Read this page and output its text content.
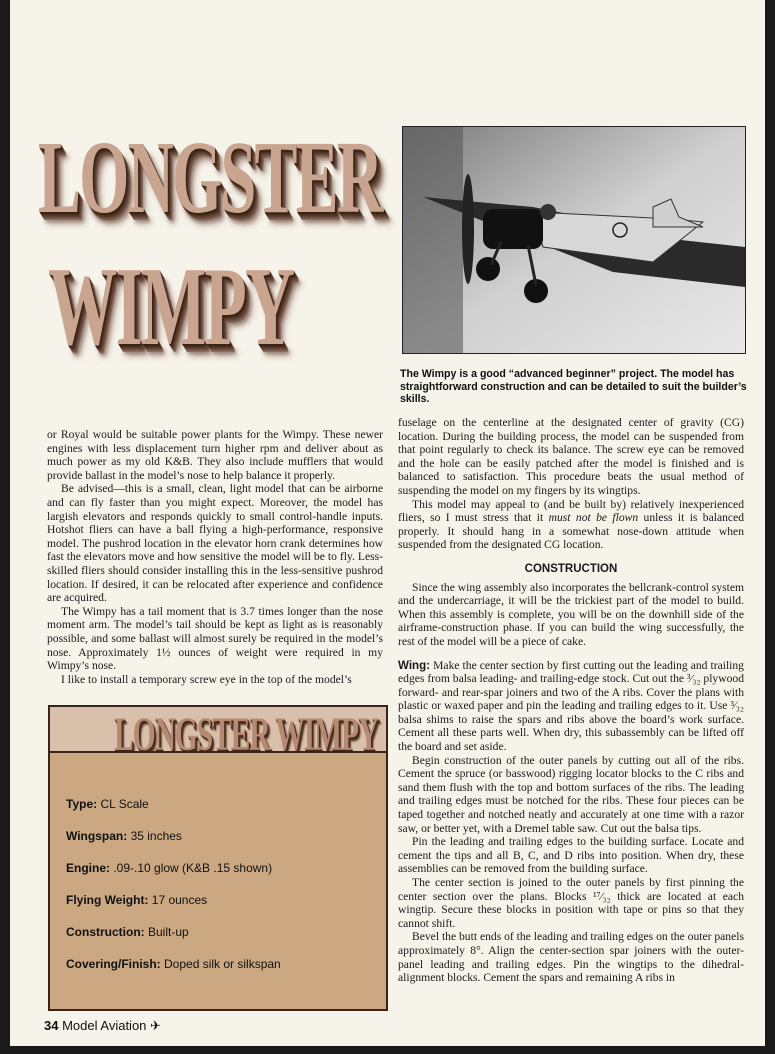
LONGSTER
WIMPY
The Wimpy is a good “advanced beginner” project. The model has straightforward construction and can be detailed to suit the builder’s skills.

or Royal would be suitable power plants for the Wimpy. These newer engines with less displacement turn higher rpm and deliver about as much power as my old K&B. They also include mufflers that would provide ballast in the model’s nose to help balance it properly.

Be advised—this is a small, clean, light model that can be airborne and can fly faster than you might expect. Moreover, the model has largish elevators and responds quickly to small control-handle inputs. Hotshot fliers can have a ball flying a high-performance, responsive model. The pushrod location in the elevator horn crank determines how fast the elevators move and how sensitive the model will be to fly. Less-skilled fliers should consider installing this in the less-sensitive pushrod location. If desired, it can be relocated after experience and confidence are acquired.

The Wimpy has a tail moment that is 3.7 times longer than the nose moment arm. The model’s tail should be kept as light as is reasonably possible, and some ballast will almost surely be required in the model’s nose. Approximately 1½ ounces of weight were required in my Wimpy’s nose.

I like to install a temporary screw eye in the top of the model’s

LONGSTER WIMPY
Type: CL Scale
Wingspan: 35 inches
Engine: .09-.10 glow (K&B .15 shown)
Flying Weight: 17 ounces
Construction: Built-up
Covering/Finish: Doped silk or silkspan

fuselage on the centerline at the designated center of gravity (CG) location. During the building process, the model can be suspended from that point regularly to check its balance. The screw eye can be removed and the hole can be easily patched after the model is finished and is balanced to satisfaction. This procedure beats the usual method of suspending the model on my fingers by its wingtips.

This model may appeal to (and be built by) relatively inexperienced fliers, so I must stress that it must not be flown unless it is balanced properly. It should hang in a somewhat nose-down attitude when suspended from the designated CG location.

CONSTRUCTION

Since the wing assembly also incorporates the bellcrank-control system and the undercarriage, it will be the trickiest part of the model to build. When this assembly is complete, you will be on the downhill side of the airframe-construction phase. If you can build the wing successfully, the rest of the model will be a piece of cake.

Wing: Make the center section by first cutting out the leading and trailing edges from balsa leading- and trailing-edge stock. Cut out the ³⁄₃₂ plywood forward- and rear-spar joiners and two of the A ribs. Cover the plans with plastic or waxed paper and pin the leading and trailing edges to it. Use ³⁄₃₂ balsa shims to raise the spars and ribs above the board’s work surface. Cement all these parts well. When dry, this subassembly can be lifted off the board and set aside.

Begin construction of the outer panels by cutting out all of the ribs. Cement the spruce (or basswood) rigging locator blocks to the C ribs and sand them flush with the top and bottom surfaces of the ribs. The leading and trailing edges must be notched for the ribs. These four pieces can be taped together and notched neatly and accurately at one time with a razor saw, or better yet, with a Dremel table saw. Cut out the balsa tips.

Pin the leading and trailing edges to the building surface. Locate and cement the tips and all B, C, and D ribs into position. When dry, these assemblies can be removed from the building surface.

The center section is joined to the outer panels by first pinning the center section over the plans. Blocks ¹⁷⁄₃₂ thick are located at each wingtip. Secure these blocks in position with tape or pins so that they cannot shift.

Bevel the butt ends of the leading and trailing edges on the outer panels approximately 8°. Align the center-section spar joiners with the outer-panel leading and trailing edges. Pin the wingtips to the dihedral-alignment blocks. Cement the spars and remaining A ribs in

34 Model Aviation ✈
